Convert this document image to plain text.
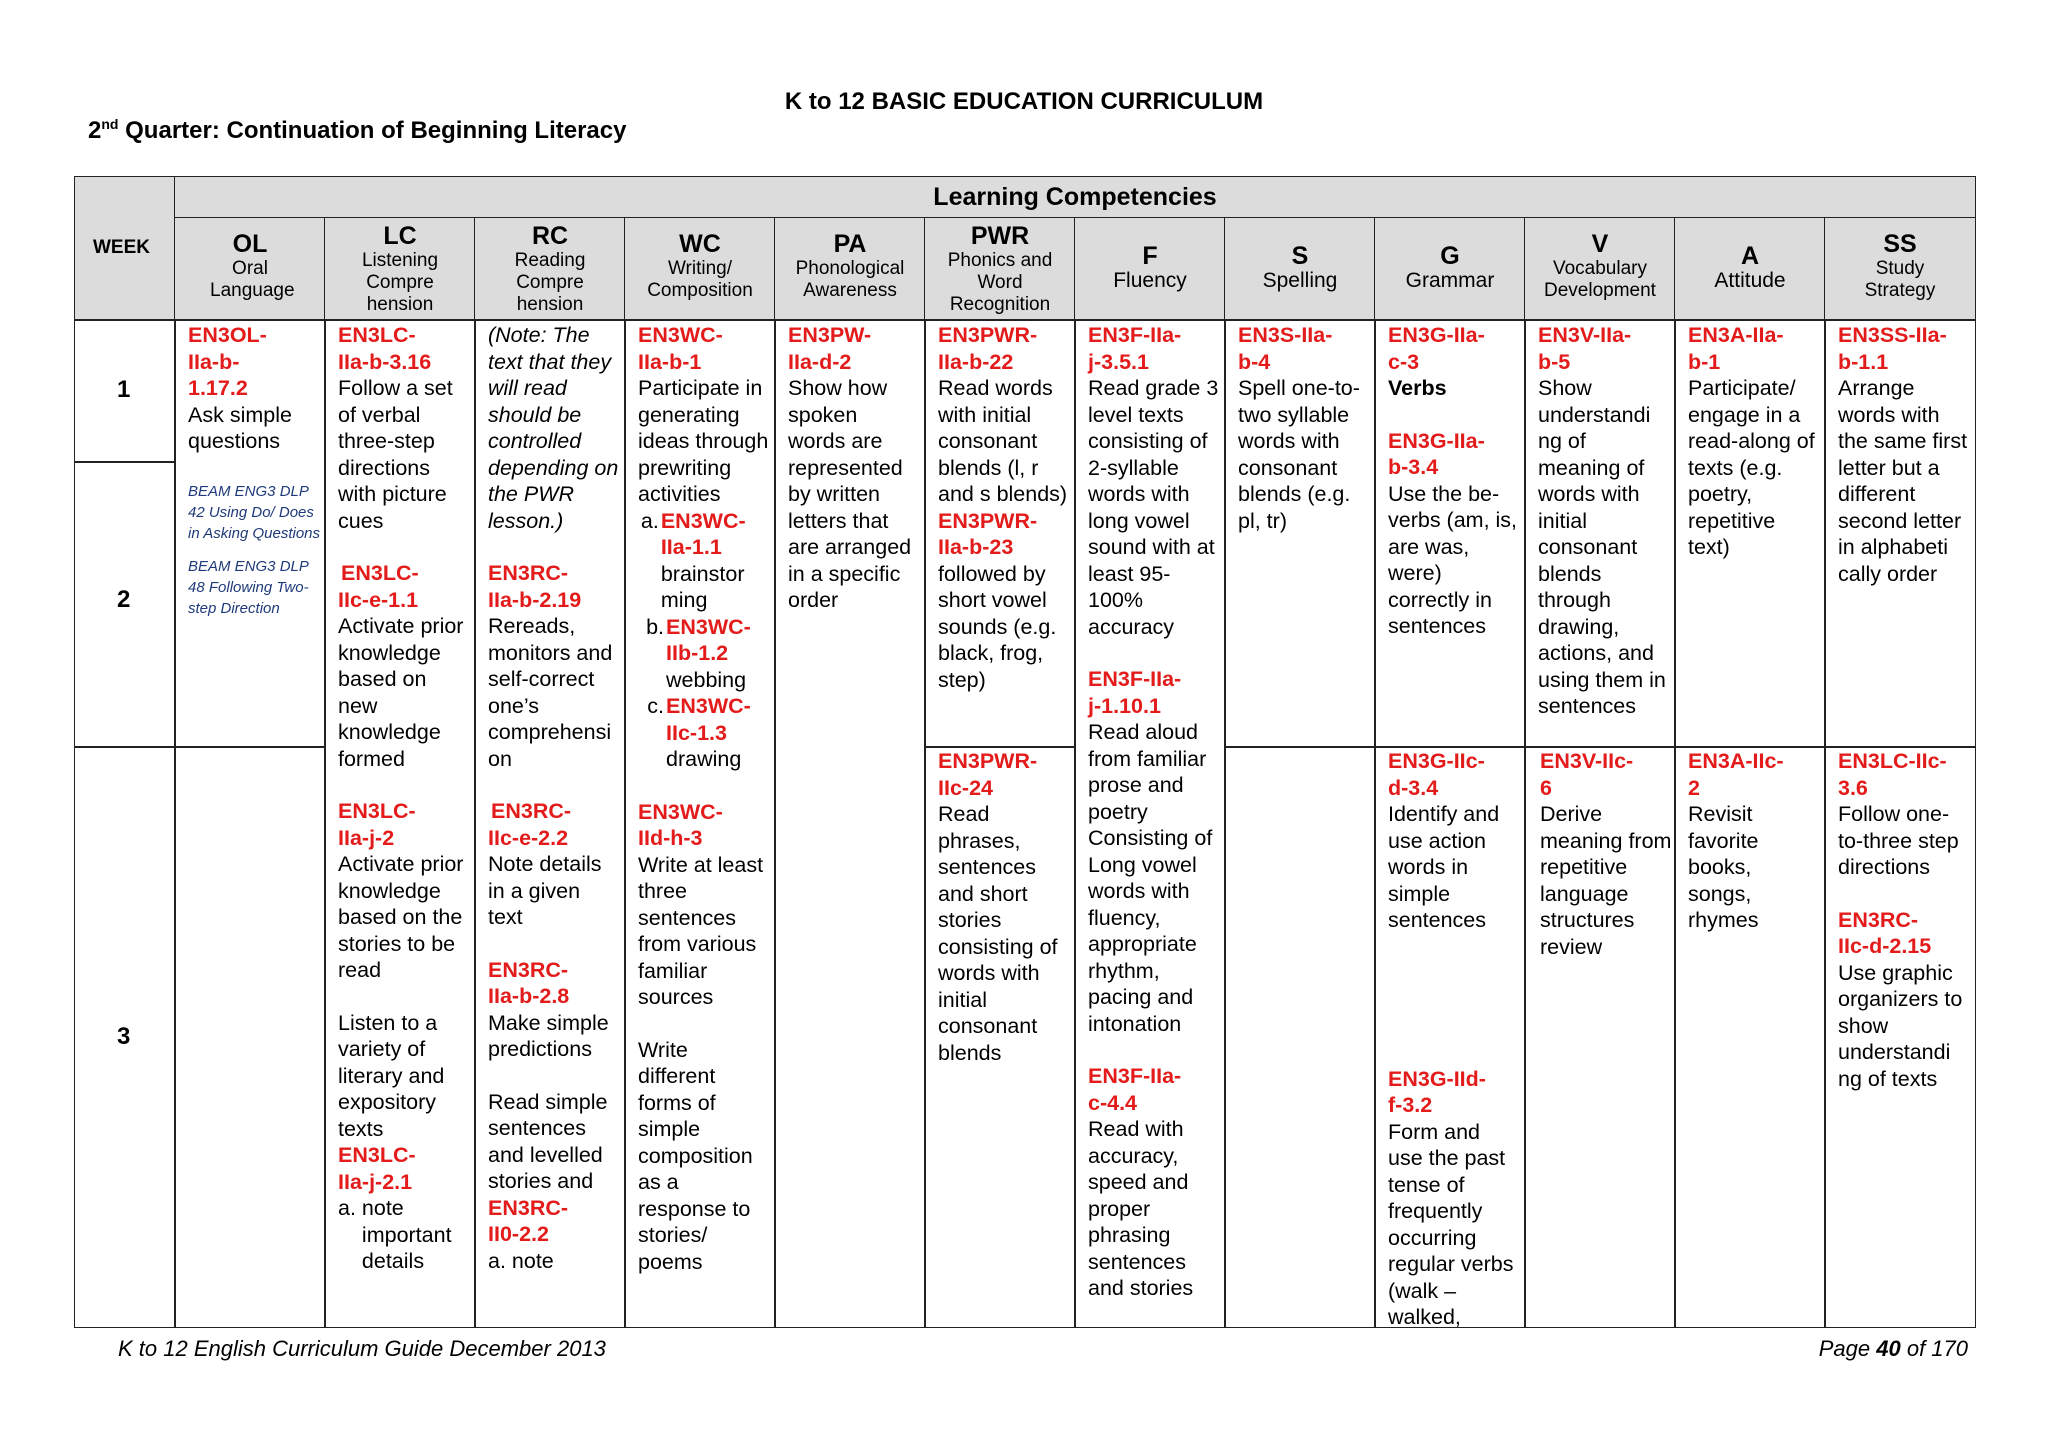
K to 12 BASIC EDUCATION CURRICULUM
2nd Quarter: Continuation of Beginning Literacy
WEEK
Learning Competencies
OL
Oral Language
LC
Listening Compre hension
RC
Reading Compre hension
WC
Writing/ Composition
PA
Phonological Awareness
PWR
Phonics and Word Recognition
F
Fluency
S
Spelling
G
Grammar
V
Vocabulary Development
A
Attitude
SS
Study Strategy
1
2
3

EN3OL-

IIa-b-

1.17.2

Ask simple questions

BEAM ENG3 DLP 42 Using Do/ Does in Asking Questions

BEAM ENG3 DLP 48 Following Two-step Direction

EN3LC-

IIa-b-3.16

Follow a set of verbal three-step directions with picture cues

EN3LC-

IIc-e-1.1

Activate prior knowledge based on new knowledge formed

EN3LC-

IIa-j-2

Activate prior knowledge based on the stories to be read

Listen to a variety of literary and expository texts

EN3LC-

IIa-j-2.1

a. note important details

(Note: The text that they will read should be controlled depending on the PWR lesson.)

EN3RC-

IIa-b-2.19

Rereads, monitors and self-correct one’s comprehensi on

EN3RC-

IIc-e-2.2

Note details in a given text

EN3RC-

IIa-b-2.8

Make simple predictions

Read simple sentences and levelled stories and

EN3RC-

II0-2.2

a. note

EN3WC-

IIa-b-1

Participate in generating ideas through prewriting activities

a. EN3WC-

IIa-1.1

brainstor ming

b. EN3WC-

IIb-1.2

webbing

c. EN3WC-

IIc-1.3

drawing

EN3WC-

IId-h-3

Write at least three sentences from various familiar sources

Write different forms of simple composition as a response to stories/ poems

EN3PW-

IIa-d-2

Show how spoken words are represented by written letters that are arranged in a specific order

EN3PWR-

IIa-b-22

Read words with initial consonant blends (l, r and s blends)

EN3PWR-

IIa-b-23

followed by short vowel sounds (e.g. black, frog, step)

EN3PWR-

IIc-24

Read phrases, sentences and short stories consisting of words with initial consonant blends

EN3F-IIa-

j-3.5.1

Read grade 3 level texts consisting of 2-syllable words with long vowel sound with at least 95-100% accuracy

EN3F-IIa-

j-1.10.1

Read aloud from familiar prose and poetry Consisting of Long vowel words with fluency, appropriate rhythm, pacing and intonation

EN3F-IIa-

c-4.4

Read with accuracy, speed and proper phrasing sentences and stories

EN3S-IIa-

b-4

Spell one-to- two syllable words with consonant blends (e.g. pl, tr)

EN3G-IIa-

c-3

Verbs

EN3G-IIa-

b-3.4

Use the be-verbs (am, is, are was, were) correctly in sentences

EN3G-IIc-

d-3.4

Identify and use action words in simple sentences

EN3G-IId-

f-3.2

Form and use the past tense of frequently occurring regular verbs (walk – walked,

EN3V-IIa-

b-5

Show understandi ng of meaning of words with initial consonant blends through drawing, actions, and using them in sentences

EN3V-IIc-

6

Derive meaning from repetitive language structures review

EN3A-IIa-

b-1

Participate/ engage in a read-along of texts (e.g. poetry, repetitive text)

EN3A-IIc-

2

Revisit favorite books, songs, rhymes

EN3SS-IIa-

b-1.1

Arrange words with the same first letter but a different second letter in alphabeti cally order

EN3LC-IIc-

3.6

Follow one-to-three step directions

EN3RC-

IIc-d-2.15

Use graphic organizers to show understandi ng of texts

K to 12 English Curriculum Guide December 2013	Page 40 of 170
